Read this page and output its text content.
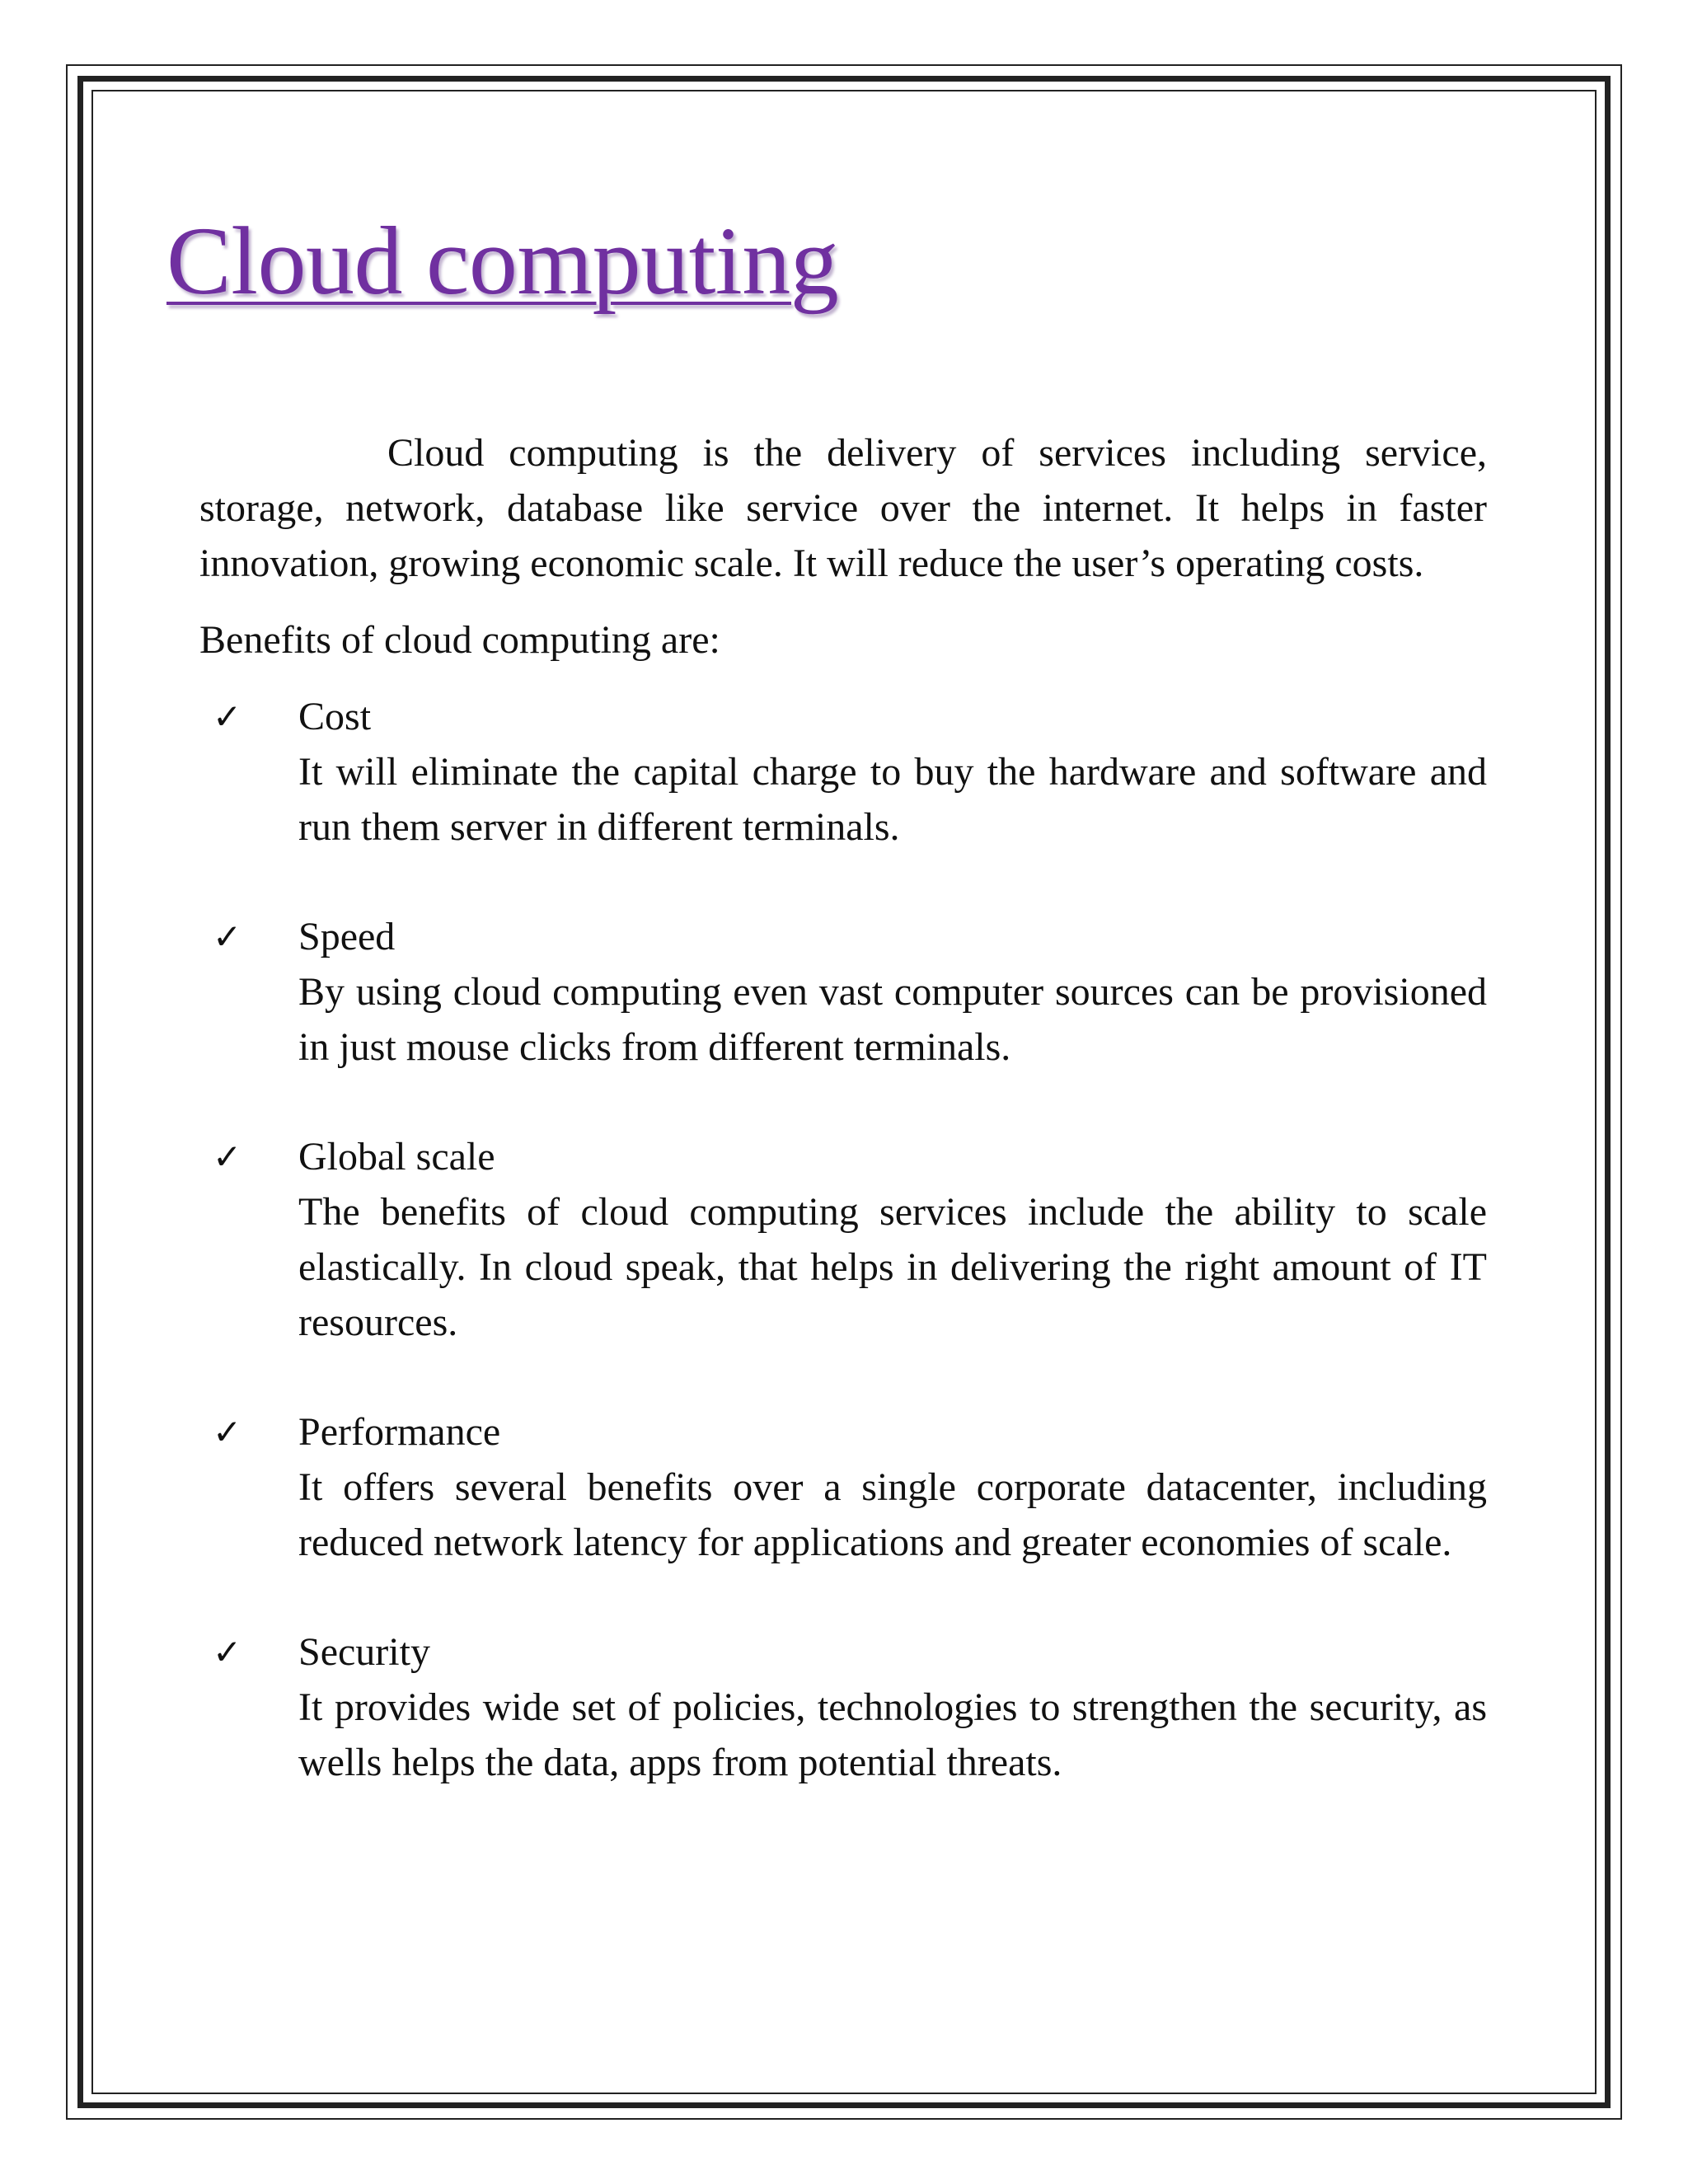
Cloud computing

Cloud computing is the delivery of services including service, storage, network, database like service over the internet. It helps in faster innovation, growing economic scale. It will reduce the user’s operating costs.

Benefits of cloud computing are:

✓ Cost
It will eliminate the capital charge to buy the hardware and software and run them server in different terminals.
✓ Speed
By using cloud computing even vast computer sources can be provisioned in just mouse clicks from different terminals.
✓ Global scale
The benefits of cloud computing services include the ability to scale elastically. In cloud speak, that helps in delivering the right amount of IT resources.
✓ Performance
It offers several benefits over a single corporate datacenter, including reduced network latency for applications and greater economies of scale.
✓ Security
It provides wide set of policies, technologies to strengthen the security, as wells helps the data, apps from potential threats.
